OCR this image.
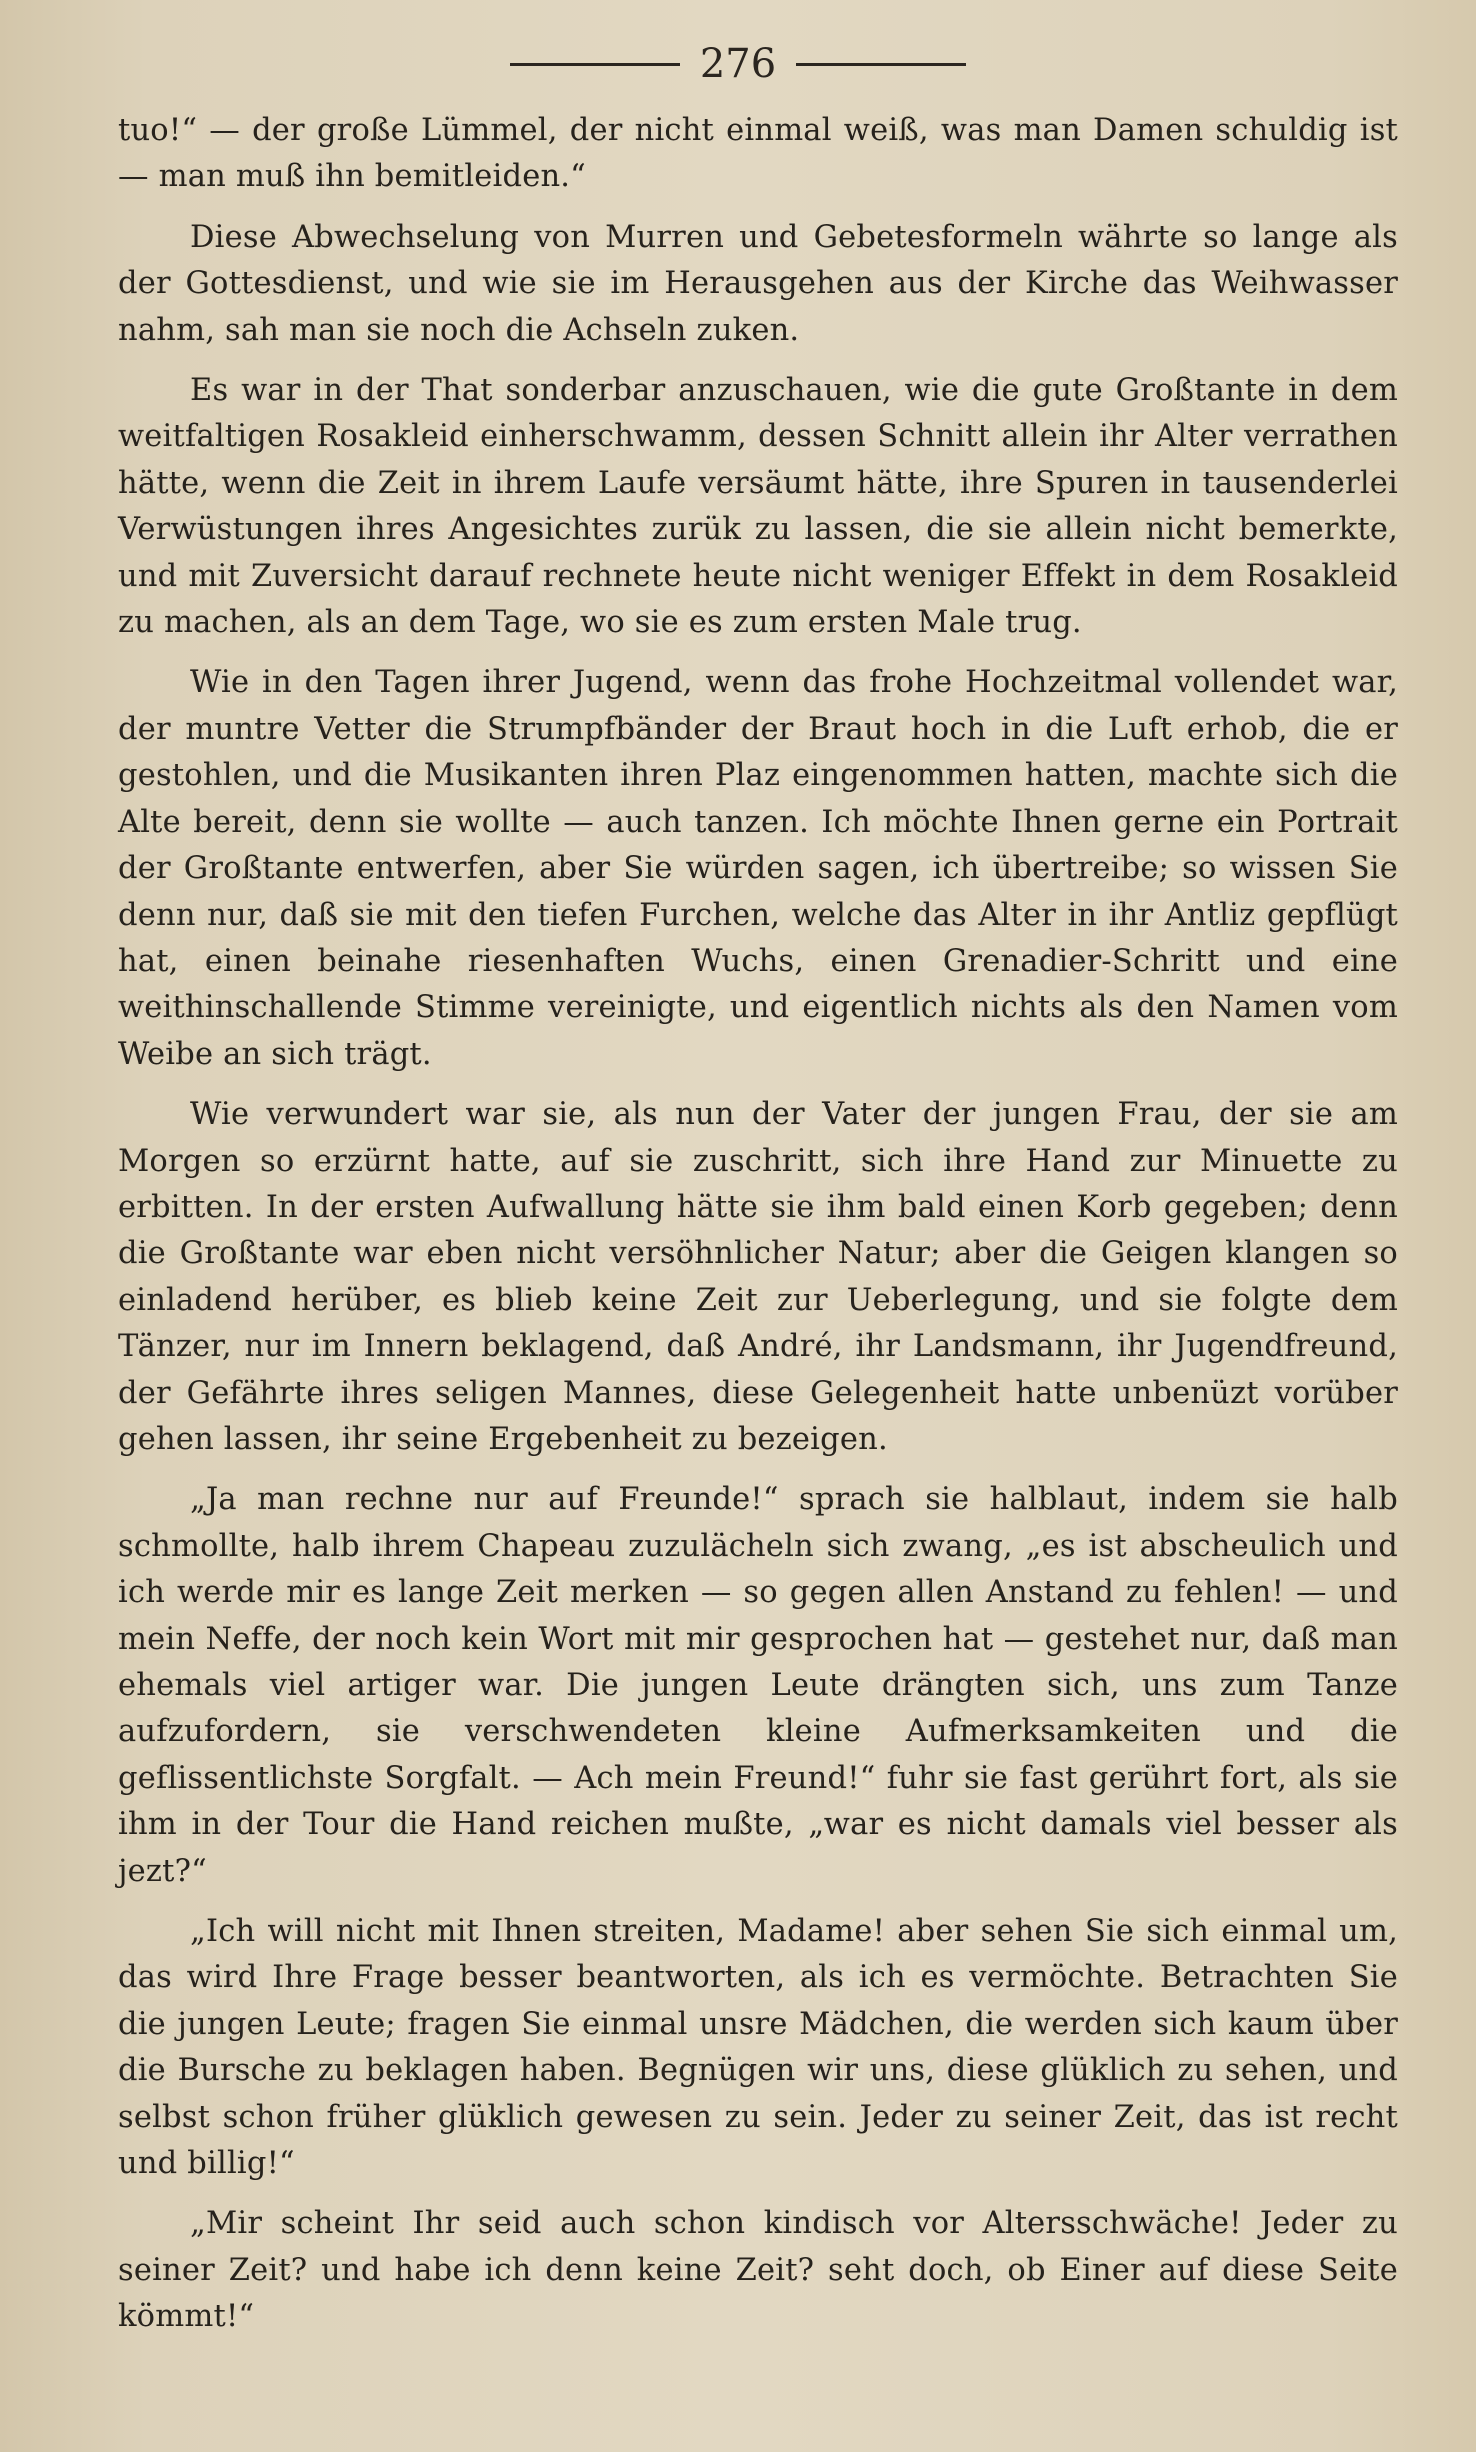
276

tuo!“ — der große Lümmel, der nicht einmal weiß, was man Damen schuldig ist — man muß ihn bemitleiden.“

Diese Abwechselung von Murren und Gebetesformeln währte so lange als der Gottesdienst, und wie sie im Herausgehen aus der Kirche das Weihwasser nahm, sah man sie noch die Achseln zuken.

Es war in der That sonderbar anzuschauen, wie die gute Großtante in dem weitfaltigen Rosakleid einherschwamm, dessen Schnitt allein ihr Alter verrathen hätte, wenn die Zeit in ihrem Laufe versäumt hätte, ihre Spuren in tausenderlei Verwüstungen ihres Angesichtes zurük zu lassen, die sie allein nicht bemerkte, und mit Zuversicht darauf rechnete heute nicht weniger Effekt in dem Rosakleid zu machen, als an dem Tage, wo sie es zum ersten Male trug.

Wie in den Tagen ihrer Jugend, wenn das frohe Hochzeitmal vollendet war, der muntre Vetter die Strumpfbänder der Braut hoch in die Luft erhob, die er gestohlen, und die Musikanten ihren Plaz eingenommen hatten, machte sich die Alte bereit, denn sie wollte — auch tanzen. Ich möchte Ihnen gerne ein Portrait der Großtante entwerfen, aber Sie würden sagen, ich übertreibe; so wissen Sie denn nur, daß sie mit den tiefen Furchen, welche das Alter in ihr Antliz gepflügt hat, einen beinahe riesenhaften Wuchs, einen Grenadier-Schritt und eine weithinschallende Stimme vereinigte, und eigentlich nichts als den Namen vom Weibe an sich trägt.

Wie verwundert war sie, als nun der Vater der jungen Frau, der sie am Morgen so erzürnt hatte, auf sie zuschritt, sich ihre Hand zur Minuette zu erbitten. In der ersten Aufwallung hätte sie ihm bald einen Korb gegeben; denn die Großtante war eben nicht versöhnlicher Natur; aber die Geigen klangen so einladend herüber, es blieb keine Zeit zur Ueberlegung, und sie folgte dem Tänzer, nur im Innern beklagend, daß André, ihr Landsmann, ihr Jugendfreund, der Gefährte ihres seligen Mannes, diese Gelegenheit hatte unbenüzt vorüber gehen lassen, ihr seine Ergebenheit zu bezeigen.

„Ja man rechne nur auf Freunde!“ sprach sie halblaut, indem sie halb schmollte, halb ihrem Chapeau zuzulächeln sich zwang, „es ist abscheulich und ich werde mir es lange Zeit merken — so gegen allen Anstand zu fehlen! — und mein Neffe, der noch kein Wort mit mir gesprochen hat — gestehet nur, daß man ehemals viel artiger war. Die jungen Leute drängten sich, uns zum Tanze aufzufordern, sie verschwendeten kleine Aufmerksamkeiten und die geflissentlichste Sorgfalt. — Ach mein Freund!“ fuhr sie fast gerührt fort, als sie ihm in der Tour die Hand reichen mußte, „war es nicht damals viel besser als jezt?“

„Ich will nicht mit Ihnen streiten, Madame! aber sehen Sie sich einmal um, das wird Ihre Frage besser beantworten, als ich es vermöchte. Betrachten Sie die jungen Leute; fragen Sie einmal unsre Mädchen, die werden sich kaum über die Bursche zu beklagen haben. Begnügen wir uns, diese glüklich zu sehen, und selbst schon früher glüklich gewesen zu sein. Jeder zu seiner Zeit, das ist recht und billig!“

„Mir scheint Ihr seid auch schon kindisch vor Altersschwäche! Jeder zu seiner Zeit? und habe ich denn keine Zeit? seht doch, ob Einer auf diese Seite kömmt!“
